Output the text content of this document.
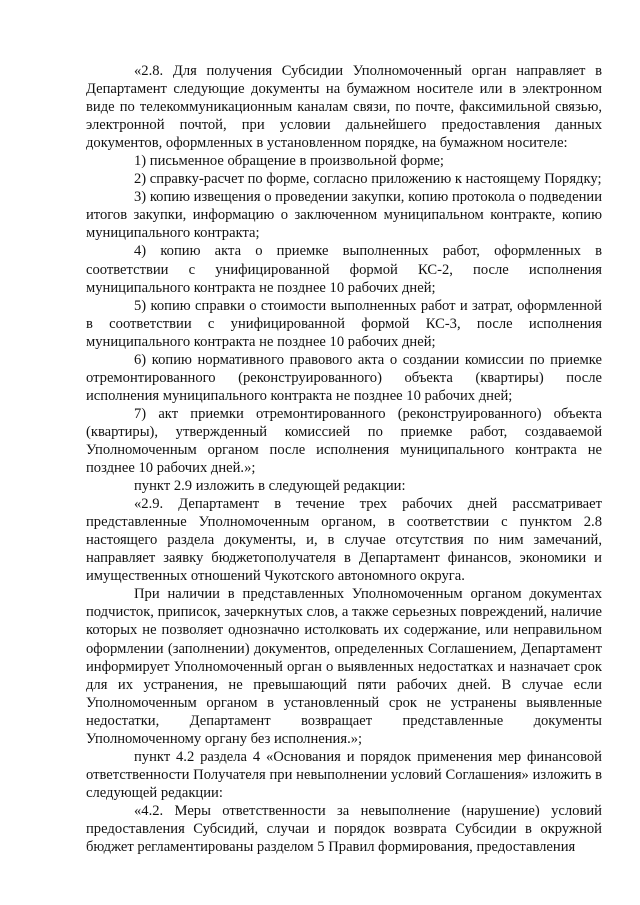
«2.8. Для получения Субсидии Уполномоченный орган направляет в Департамент следующие документы на бумажном носителе или в электронном виде по телекоммуникационным каналам связи, по почте, факсимильной связью, электронной почтой, при условии дальнейшего предоставления данных документов, оформленных в установленном порядке, на бумажном носителе:

1) письменное обращение в произвольной форме;

2) справку-расчет по форме, согласно приложению к настоящему Порядку;

3) копию извещения о проведении закупки, копию протокола о подведении итогов закупки, информацию о заключенном муниципальном контракте, копию муниципального контракта;

4) копию акта о приемке выполненных работ, оформленных в соответствии с унифицированной формой КС-2, после исполнения муниципального контракта не позднее 10 рабочих дней;

5) копию справки о стоимости выполненных работ и затрат, оформленной в соответствии с унифицированной формой КС-3, после исполнения муниципального контракта не позднее 10 рабочих дней;

6) копию нормативного правового акта о создании комиссии по приемке отремонтированного (реконструированного) объекта (квартиры) после исполнения муниципального контракта не позднее 10 рабочих дней;

7) акт приемки отремонтированного (реконструированного) объекта (квартиры), утвержденный комиссией по приемке работ, создаваемой Уполномоченным органом после исполнения муниципального контракта не позднее 10 рабочих дней.»;

пункт 2.9 изложить в следующей редакции:

«2.9. Департамент в течение трех рабочих дней рассматривает представленные Уполномоченным органом, в соответствии с пунктом 2.8 настоящего раздела документы, и, в случае отсутствия по ним замечаний, направляет заявку бюджетополучателя в Департамент финансов, экономики и имущественных отношений Чукотского автономного округа.

При наличии в представленных Уполномоченным органом документах подчисток, приписок, зачеркнутых слов, а также серьезных повреждений, наличие которых не позволяет однозначно истолковать их содержание, или неправильном оформлении (заполнении) документов, определенных Соглашением, Департамент информирует Уполномоченный орган о выявленных недостатках и назначает срок для их устранения, не превышающий пяти рабочих дней. В случае если Уполномоченным органом в установленный срок не устранены выявленные недостатки, Департамент возвращает представленные документы Уполномоченному органу без исполнения.»;

пункт 4.2 раздела 4 «Основания и порядок применения мер финансовой ответственности Получателя при невыполнении условий Соглашения» изложить в следующей редакции:

«4.2. Меры ответственности за невыполнение (нарушение) условий предоставления Субсидий, случаи и порядок возврата Субсидии в окружной бюджет регламентированы разделом 5 Правил формирования, предоставления
